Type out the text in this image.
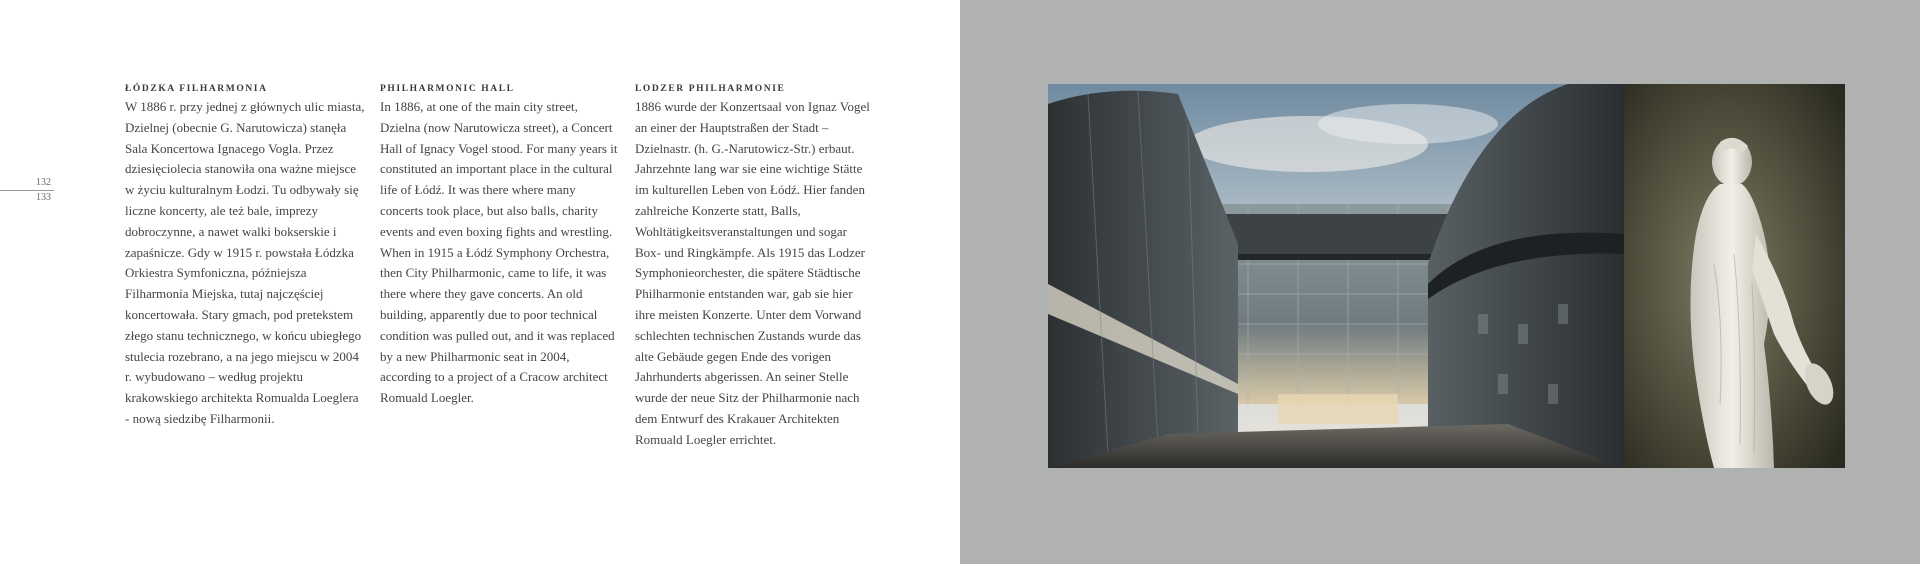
132
133
ŁÓDZKA FILHARMONIA

W 1886 r. przy jednej z głównych ulic miasta, Dzielnej (obecnie G. Narutowicza) stanęła Sala Koncertowa Ignacego Vogla. Przez dziesięciolecia stanowiła ona ważne miejsce w życiu kulturalnym Łodzi. Tu odbywały się liczne koncerty, ale też bale, imprezy dobroczynne, a nawet walki bokserskie i zapaśnicze. Gdy w 1915 r. powstała Łódzka Orkiestra Symfoniczna, późniejsza Filharmonia Miejska, tutaj najczęściej koncertowała. Stary gmach, pod pretekstem złego stanu technicznego, w końcu ubiegłego stulecia rozebrano, a na jego miejscu w 2004 r. wybudowano – według projektu krakowskiego architekta Romualda Loeglera - nową siedzibę Filharmonii.

PHILHARMONIC HALL

In 1886, at one of the main city street, Dzielna (now Narutowicza street), a Concert Hall of Ignacy Vogel stood. For many years it constituted an important place in the cultural life of Łódź. It was there where many concerts took place, but also balls, charity events and even boxing fights and wrestling. When in 1915 a Łódź Symphony Orchestra, then City Philharmonic, came to life, it was there where they gave concerts. An old building, apparently due to poor technical condition was pulled out, and it was replaced by a new Philharmonic seat in 2004, according to a project of a Cracow architect Romuald Loegler.

LODZER PHILHARMONIE

1886 wurde der Konzertsaal von Ignaz Vogel an einer der Hauptstraßen der Stadt – Dzielnastr. (h. G.-Narutowicz-Str.) erbaut. Jahrzehnte lang war sie eine wichtige Stätte im kulturellen Leben von Łódź. Hier fanden zahlreiche Konzerte statt, Balls, Wohltätigkeitsveranstaltungen und sogar Box- und Ringkämpfe. Als 1915 das Lodzer Symphonieorchester, die spätere Städtische Philharmonie entstanden war, gab sie hier ihre meisten Konzerte. Unter dem Vorwand schlechten technischen Zustands wurde das alte Gebäude gegen Ende des vorigen Jahrhunderts abgerissen. An seiner Stelle wurde der neue Sitz der Philharmonie nach dem Entwurf des Krakauer Architekten Romuald Loegler errichtet.
